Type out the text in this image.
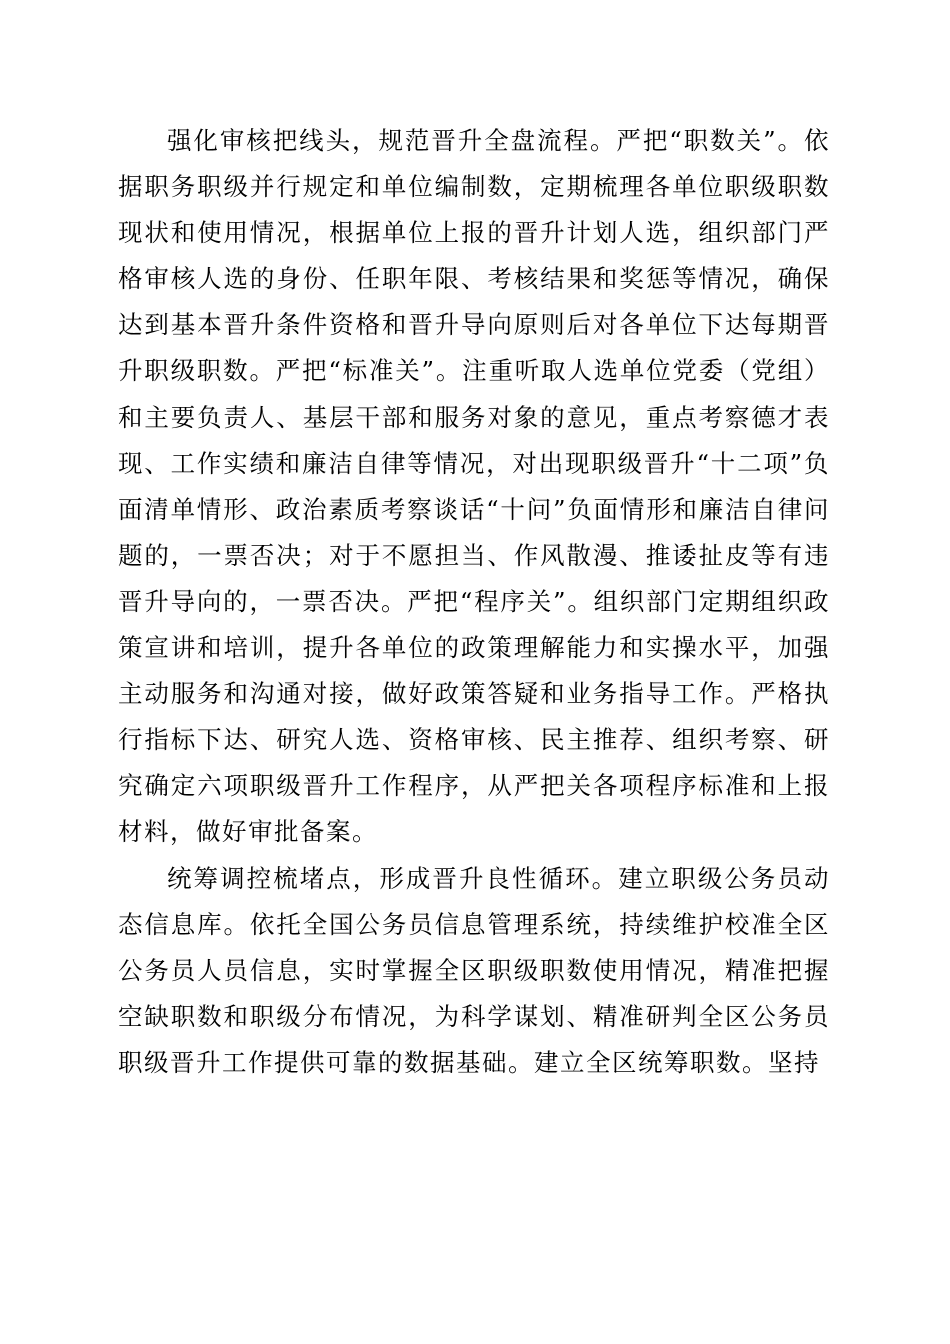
强化审核把线头，规范晋升全盘流程。严把“职数关”。依据职务职级并行规定和单位编制数，定期梳理各单位职级职数现状和使用情况，根据单位上报的晋升计划人选，组织部门严格审核人选的身份、任职年限、考核结果和奖惩等情况，确保达到基本晋升条件资格和晋升导向原则后对各单位下达每期晋升职级职数。严把“标准关”。注重听取人选单位党委（党组）和主要负责人、基层干部和服务对象的意见，重点考察德才表现、工作实绩和廉洁自律等情况，对出现职级晋升“十二项”负面清单情形、政治素质考察谈话“十问”负面情形和廉洁自律问题的，一票否决；对于不愿担当、作风散漫、推诿扯皮等有违晋升导向的，一票否决。严把“程序关”。组织部门定期组织政策宣讲和培训，提升各单位的政策理解能力和实操水平，加强主动服务和沟通对接，做好政策答疑和业务指导工作。严格执行指标下达、研究人选、资格审核、民主推荐、组织考察、研究确定六项职级晋升工作程序，从严把关各项程序标准和上报材料，做好审批备案。

统筹调控梳堵点，形成晋升良性循环。建立职级公务员动态信息库。依托全国公务员信息管理系统，持续维护校准全区公务员人员信息，实时掌握全区职级职数使用情况，精准把握空缺职数和职级分布情况，为科学谋划、精准研判全区公务员职级晋升工作提供可靠的数据基础。建立全区统筹职数。坚持
